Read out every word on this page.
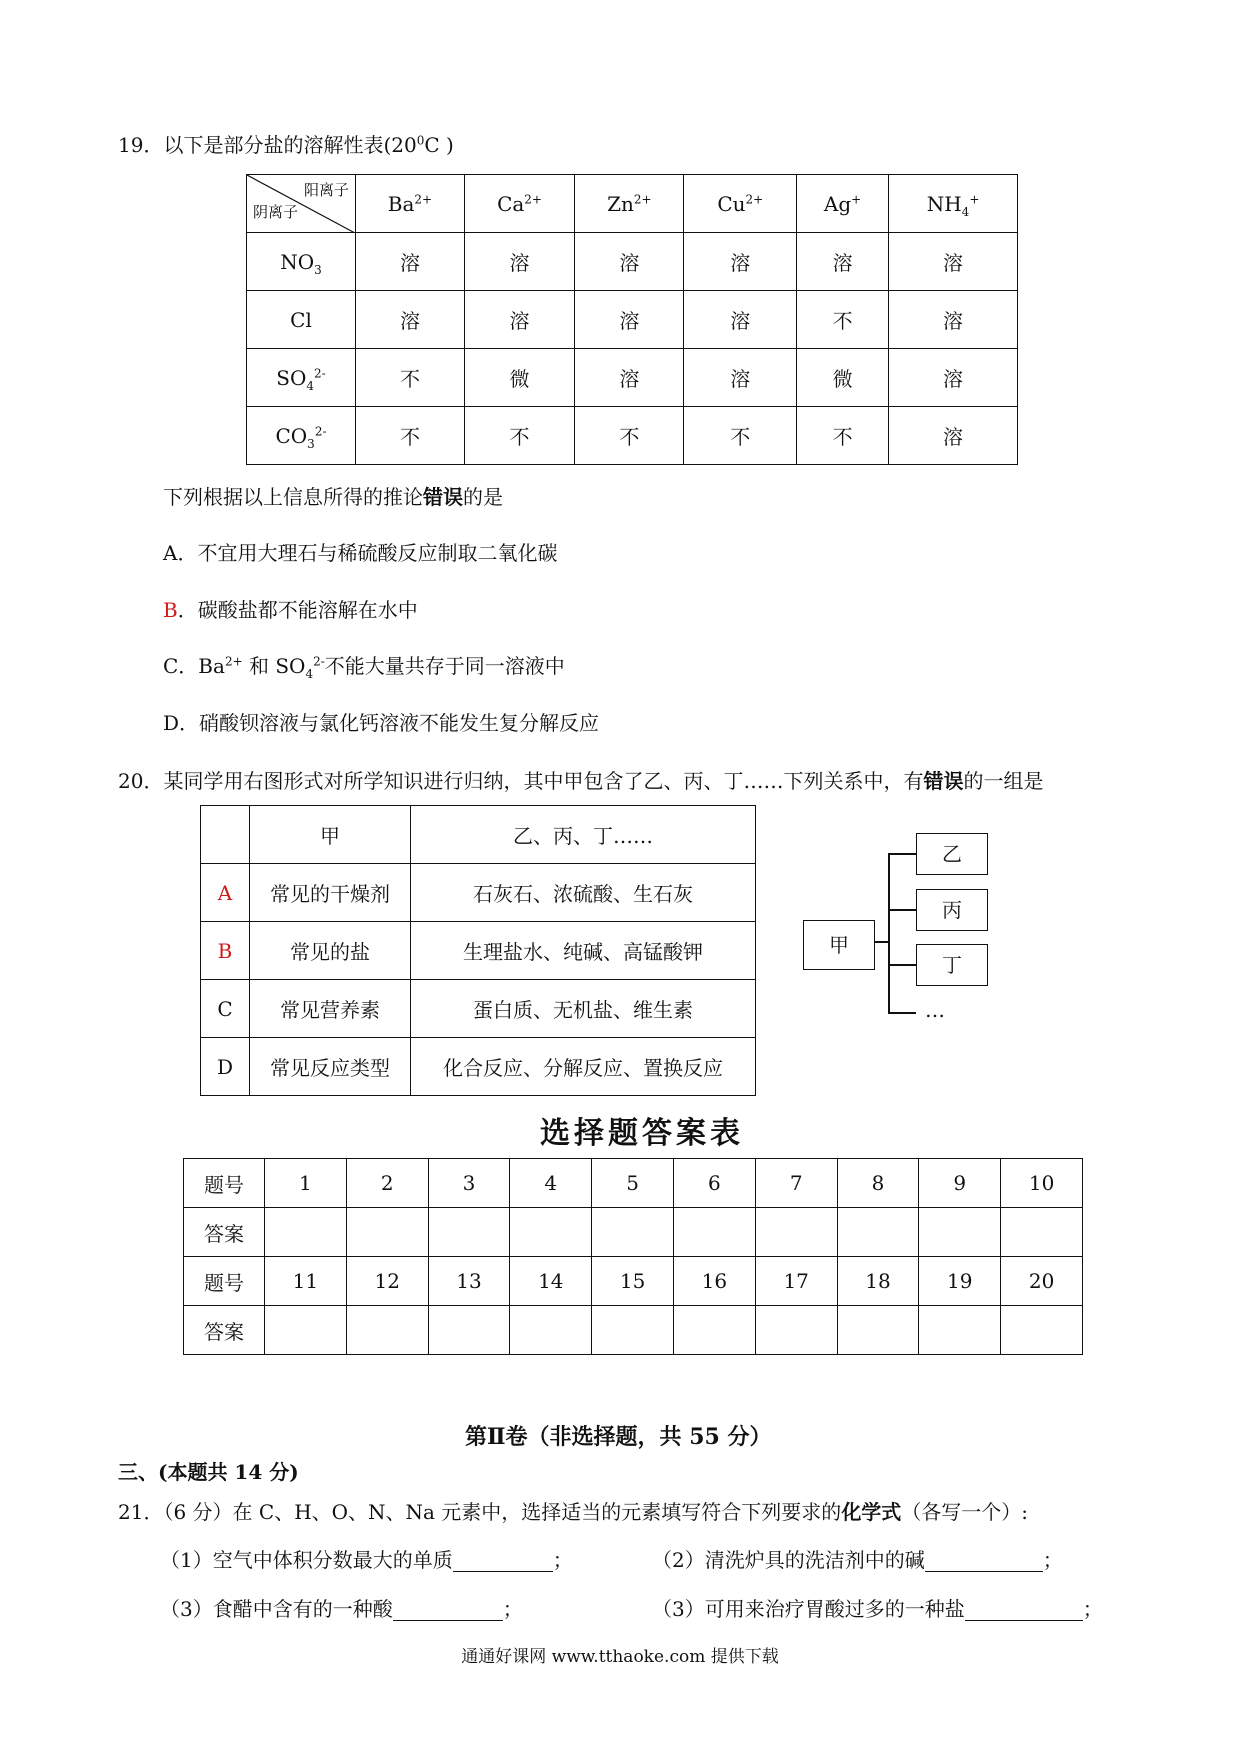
19．以下是部分盐的溶解性表($20^0C$ )
阳离子
阴离子	$Ba^{2+}$	$Ca^{2+}$	$Zn^{2+}$	$Cu^{2+}$	Ag+	$NH_4^+$
$NO_3$	溶	溶	溶	溶	溶	溶
Cl	溶	溶	溶	溶	不	溶
$SO_4^{2-}$	不	微	溶	溶	微	溶
$CO_3^{2-}$	不	不	不	不	不	溶
下列根据以上信息所得的推论错误的是
A．不宜用大理石与稀硫酸反应制取二氧化碳
B．碳酸盐都不能溶解在水中
C．$Ba^{2+}$ 和 $SO_4^{2-}$不能大量共存于同一溶液中
D．硝酸钡溶液与氯化钙溶液不能发生复分解反应
20．某同学用右图形式对所学知识进行归纳，其中甲包含了乙、丙、丁……下列关系中，有错误的一组是
	甲	乙、丙、丁……
A	常见的干燥剂	石灰石、浓硫酸、生石灰
B	常见的盐	生理盐水、纯碱、高锰酸钾
C	常见营养素	蛋白质、无机盐、维生素
D	常见反应类型	化合反应、分解反应、置换反应
甲
乙
丙
丁
…
选择题答案表
题号	1	2	3	4	5	6	7	8	9	10
答案										
题号	11	12	13	14	15	16	17	18	19	20
答案										
第Ⅱ卷（非选择题，共 55 分）
三、(本题共 14 分)
21．（6 分）在 C、H、O、N、Na 元素中，选择适当的元素填写符合下列要求的化学式（各写一个）:
（1）空气中体积分数最大的单质	；	（2）清洗炉具的洗洁剂中的碱	；
（3）食醋中含有的一种酸	；	（3）可用来治疗胃酸过多的一种盐	；
通通好课网 www.tthaoke.com 提供下载
